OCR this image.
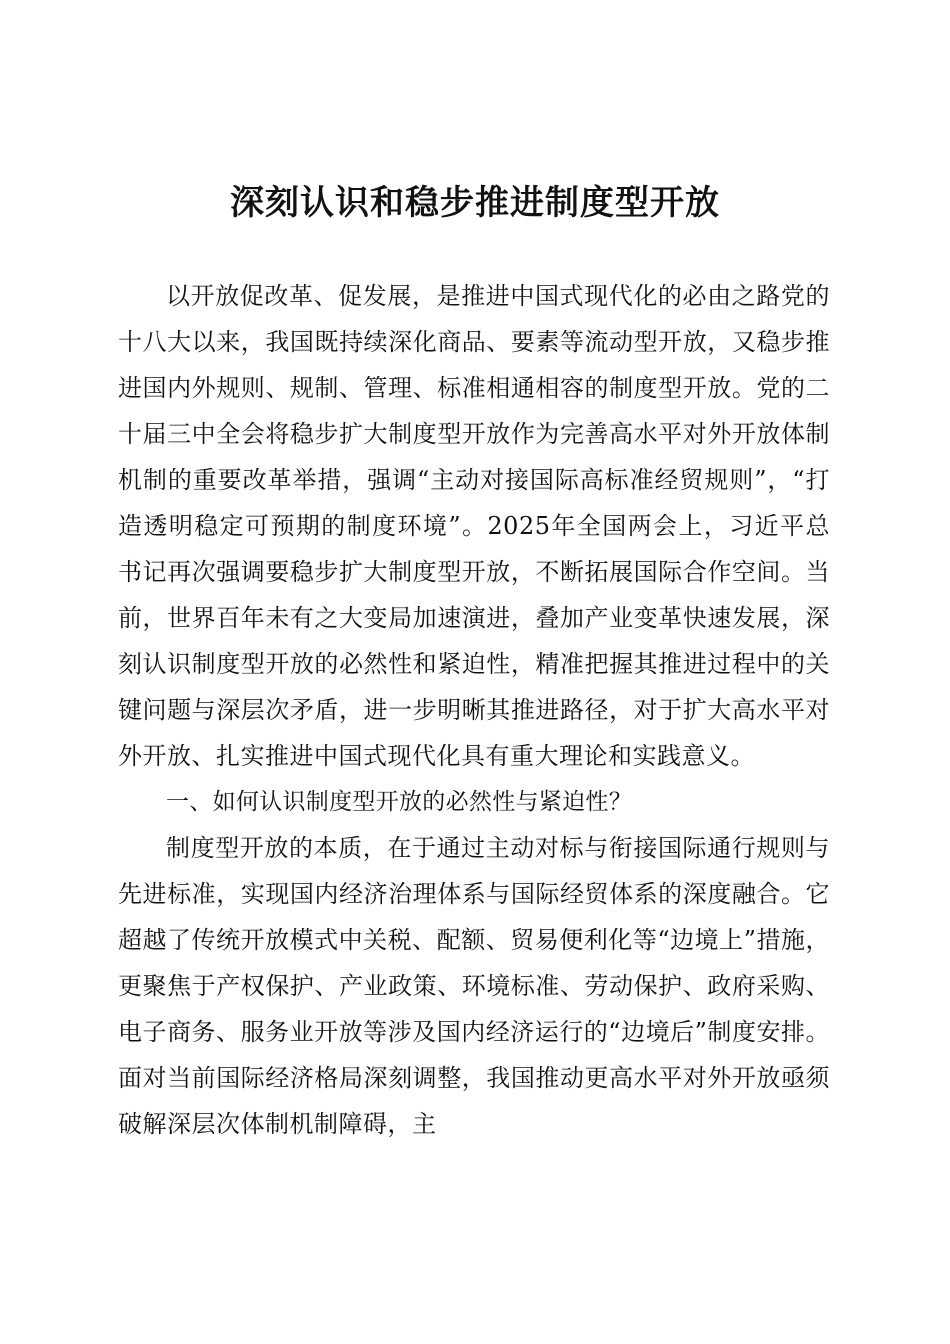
深刻认识和稳步推进制度型开放

以开放促改革、促发展，是推进中国式现代化的必由之路党的十八大以来，我国既持续深化商品、要素等流动型开放，又稳步推进国内外规则、规制、管理、标准相通相容的制度型开放。党的二十届三中全会将稳步扩大制度型开放作为完善高水平对外开放体制机制的重要改革举措，强调“主动对接国际高标准经贸规则”，“打造透明稳定可预期的制度环境”。2025年全国两会上，习近平总书记再次强调要稳步扩大制度型开放，不断拓展国际合作空间。当前，世界百年未有之大变局加速演进，叠加产业变革快速发展，深刻认识制度型开放的必然性和紧迫性，精准把握其推进过程中的关键问题与深层次矛盾，进一步明晰其推进路径，对于扩大高水平对外开放、扎实推进中国式现代化具有重大理论和实践意义。

一、如何认识制度型开放的必然性与紧迫性？

制度型开放的本质，在于通过主动对标与衔接国际通行规则与先进标准，实现国内经济治理体系与国际经贸体系的深度融合。它超越了传统开放模式中关税、配额、贸易便利化等“边境上”措施，更聚焦于产权保护、产业政策、环境标准、劳动保护、政府采购、电子商务、服务业开放等涉及国内经济运行的“边境后”制度安排。面对当前国际经济格局深刻调整，我国推动更高水平对外开放亟须破解深层次体制机制障碍，主
